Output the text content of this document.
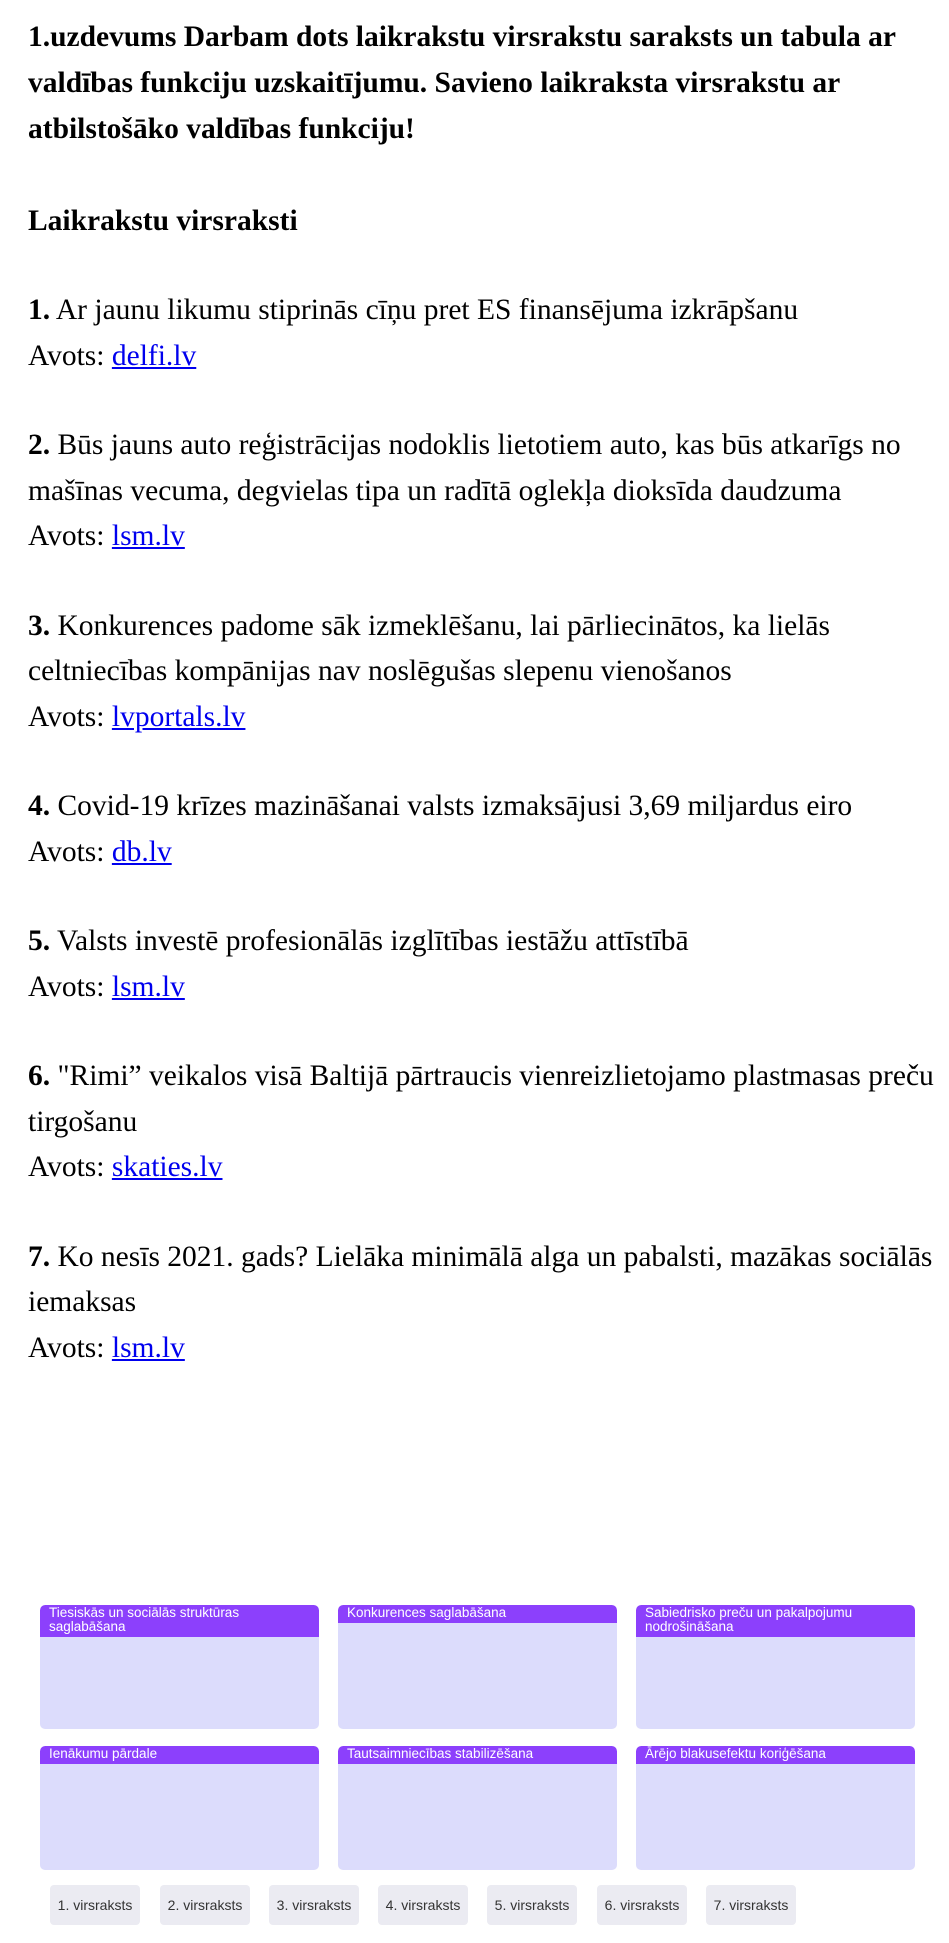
1.uzdevums Darbam dots laikrakstu virsrakstu saraksts un tabula ar valdības funkciju uzskaitījumu. Savieno laikraksta virsrakstu ar atbilstošāko valdības funkciju!

Laikrakstu virsraksti

1. Ar jaunu likumu stiprinās cīņu pret ES finansējuma izkrāpšanu
Avots: delfi.lv
2. Būs jauns auto reģistrācijas nodoklis lietotiem auto, kas būs atkarīgs no mašīnas vecuma, degvielas tipa un radītā oglekļa dioksīda daudzuma
Avots: lsm.lv
3. Konkurences padome sāk izmeklēšanu, lai pārliecinātos, ka lielās celtniecības kompānijas nav noslēgušas slepenu vienošanos
Avots: lvportals.lv
4. Covid-19 krīzes mazināšanai valsts izmaksājusi 3,69 miljardus eiro
Avots: db.lv
5. Valsts investē profesionālās izglītības iestāžu attīstībā
Avots: lsm.lv
6. "Rimi” veikalos visā Baltijā pārtraucis vienreizlietojamo plastmasas preču tirgošanu
Avots: skaties.lv
7. Ko nesīs 2021. gads? Lielāka minimālā alga un pabalsti, mazākas sociālās iemaksas
Avots: lsm.lv
Tiesiskās un sociālās struktūras saglabāšana
Konkurences saglabāšana	Sabiedrisko preču un pakalpojumu nodrošināšana
Ienākumu pārdale	Tautsaimniecības stabilizēšana	Ārējo blakusefektu koriģēšana
1. virsraksts	2. virsraksts	3. virsraksts	4. virsraksts	5. virsraksts	6. virsraksts	7. virsraksts
